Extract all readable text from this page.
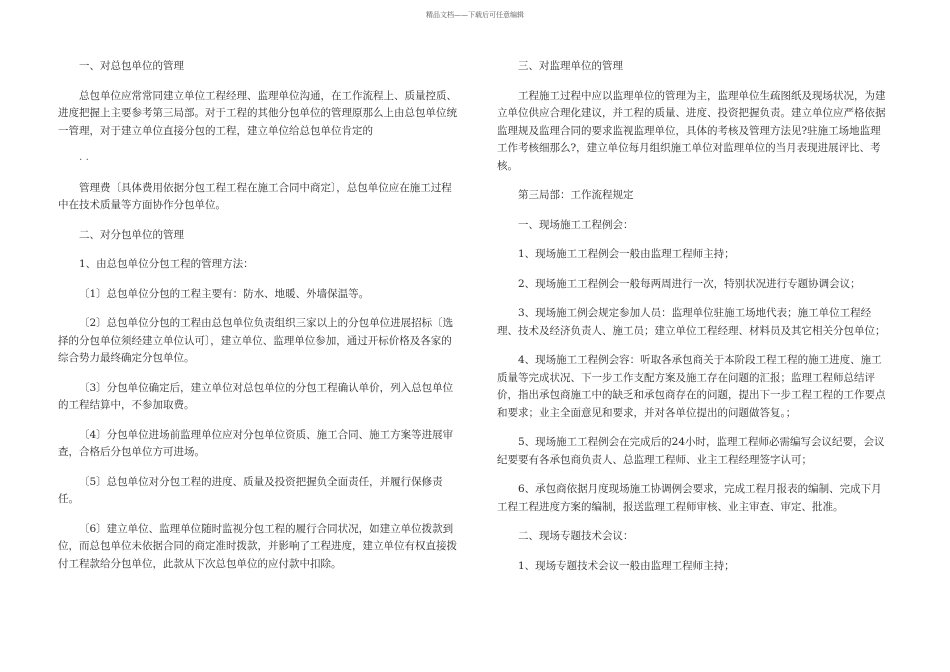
精品文档——下载后可任意编辑

一、对总包单位的管理

总包单位应常常同建立单位工程经理、监理单位沟通，在工作流程上、质量控质、进度把握上主要参考第三局部。对于工程的其他分包单位的管理原那么上由总包单位统一管理，对于建立单位直接分包的工程，建立单位给总包单位肯定的

· ·

管理费〔具体费用依据分包工程工程在施工合同中商定〕，总包单位应在施工过程中在技术质量等方面协作分包单位。

二、对分包单位的管理

1、由总包单位分包工程的管理方法：

〔1〕总包单位分包的工程主要有：防水、地暖、外墙保温等。

〔2〕总包单位分包的工程由总包单位负责组织三家以上的分包单位进展招标〔选择的分包单位须经建立单位认可〕，建立单位、监理单位参加，通过开标价格及各家的综合势力最终确定分包单位。

〔3〕分包单位确定后，建立单位对总包单位的分包工程确认单价，列入总包单位的工程结算中，不参加取费。

〔4〕分包单位进场前监理单位应对分包单位资质、施工合同、施工方案等进展审查，合格后分包单位方可进场。

〔5〕总包单位对分包工程的进度、质量及投资把握负全面责任，并履行保修责任。

〔6〕建立单位、监理单位随时监视分包工程的履行合同状况，如建立单位拨款到位，而总包单位未依据合同的商定准时拨款，并影响了工程进度，建立单位有权直接拨付工程款给分包单位，此款从下次总包单位的应付款中扣除。

三、对监理单位的管理

工程施工过程中应以监理单位的管理为主，监理单位生疏图纸及现场状况，为建立单位供应合理化建议，并工程的质量、进度、投资把握负责。建立单位应严格依据监理规及监理合同的要求监视监理单位，具体的考核及管理方法见?驻施工场地监理工作考核细那么?，建立单位每月组织施工单位对监理单位的当月表现进展评比、考核。

第三局部：工作流程规定

一、现场施工工程例会：

1、现场施工工程例会一般由监理工程师主持；

2、现场施工工程例会一般每两周进行一次，特别状况进行专题协调会议；

3、现场施工例会规定参加人员：监理单位驻施工场地代表；施工单位工程经理、技术及经济负责人、施工员；建立单位工程经理、材料员及其它相关分包单位；

4、现场施工工程例会容：听取各承包商关于本阶段工程工程的施工进度、施工质量等完成状况、下一步工作支配方案及施工存在问题的汇报；监理工程师总结评价，指出承包商施工中的缺乏和承包商存在的问题，提出下一步工程工程的工作要点和要求；业主全面意见和要求，并对各单位提出的问题做答复。；

5、现场施工工程例会在完成后的24小时，监理工程师必需编写会议纪要，会议纪要要有各承包商负责人、总监理工程师、业主工程经理签字认可；

6、承包商依据月度现场施工协调例会要求，完成工程月报表的编制、完成下月工程工程进度方案的编制，报送监理工程师审核、业主审查、审定、批准。

二、现场专题技术会议：

1、现场专题技术会议一般由监理工程师主持；
